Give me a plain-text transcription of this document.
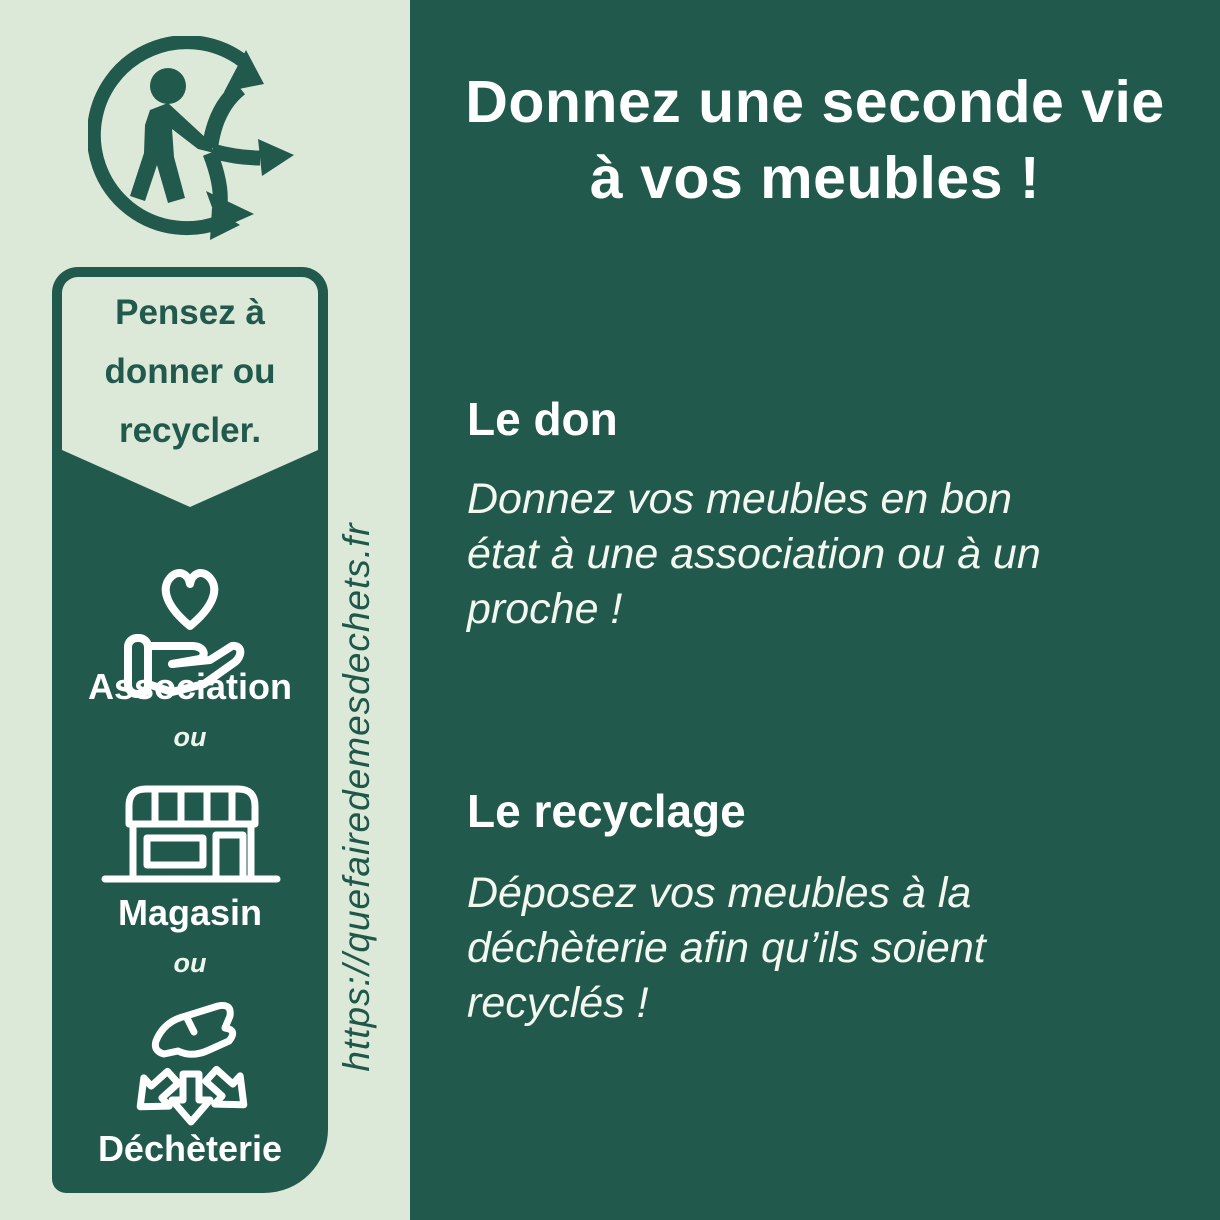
Donnez une seconde vie
à vos meubles !
Le don
Donnez vos meubles en bon
état à une association ou à un
proche !
Le recyclage
Déposez vos meubles à la
déchèterie afin qu’ils soient
recyclés !
Pensez à
donner ou
recycler.
Association
ou
Magasin
ou
Déchèterie
https://quefairedemesdechets.fr
